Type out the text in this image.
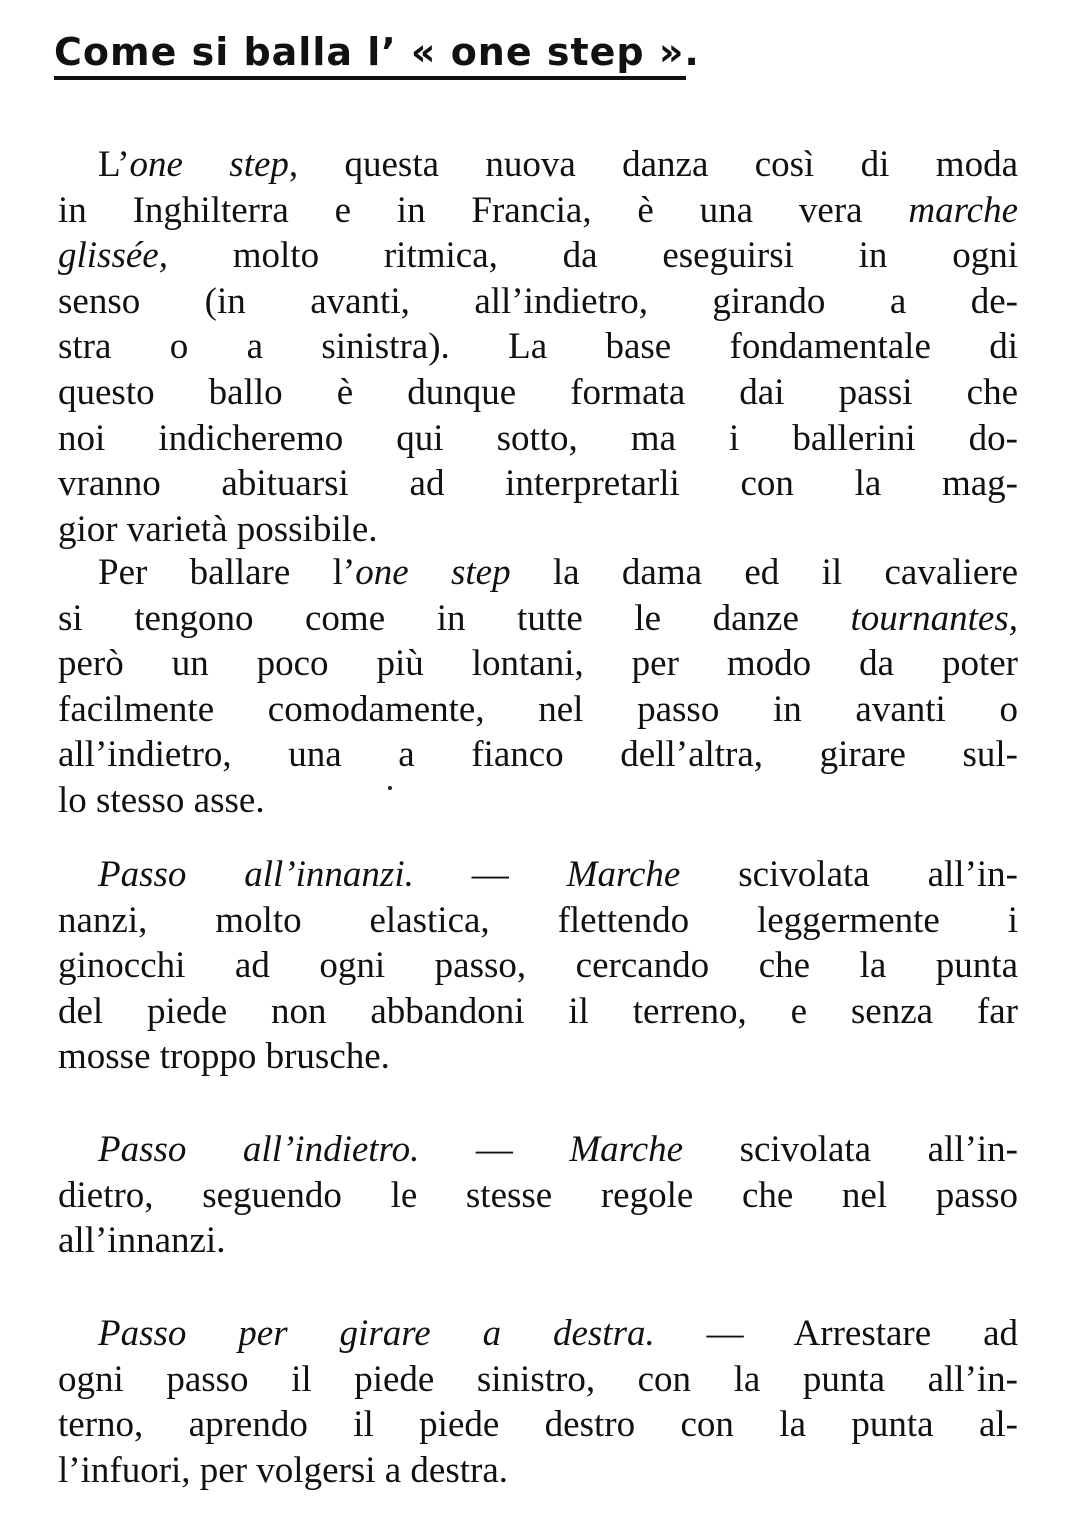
Come si balla l’ « one step ».
L’one step, questa nuova danza così di moda
in Inghilterra e in Francia, è una vera marche
glissée, molto ritmica, da eseguirsi in ogni
senso (in avanti, all’indietro, girando a de-
stra o a sinistra). La base fondamentale di
questo ballo è dunque formata dai passi che
noi indicheremo qui sotto, ma i ballerini do-
vranno abituarsi ad interpretarli con la mag-
gior varietà possibile.
Per ballare l’one step la dama ed il cavaliere
si tengono come in tutte le danze tournantes,
però un poco più lontani, per modo da poter
facilmente comodamente, nel passo in avanti o
all’indietro, una a fianco dell’altra, girare sul-
lo stesso asse.
Passo all’innanzi. — Marche scivolata all’in-
nanzi, molto elastica, flettendo leggermente i
ginocchi ad ogni passo, cercando che la punta
del piede non abbandoni il terreno, e senza far
mosse troppo brusche.
Passo all’indietro. — Marche scivolata all’in-
dietro, seguendo le stesse regole che nel passo
all’innanzi.
Passo per girare a destra. — Arrestare ad
ogni passo il piede sinistro, con la punta all’in-
terno, aprendo il piede destro con la punta al-
l’infuori, per volgersi a destra.
